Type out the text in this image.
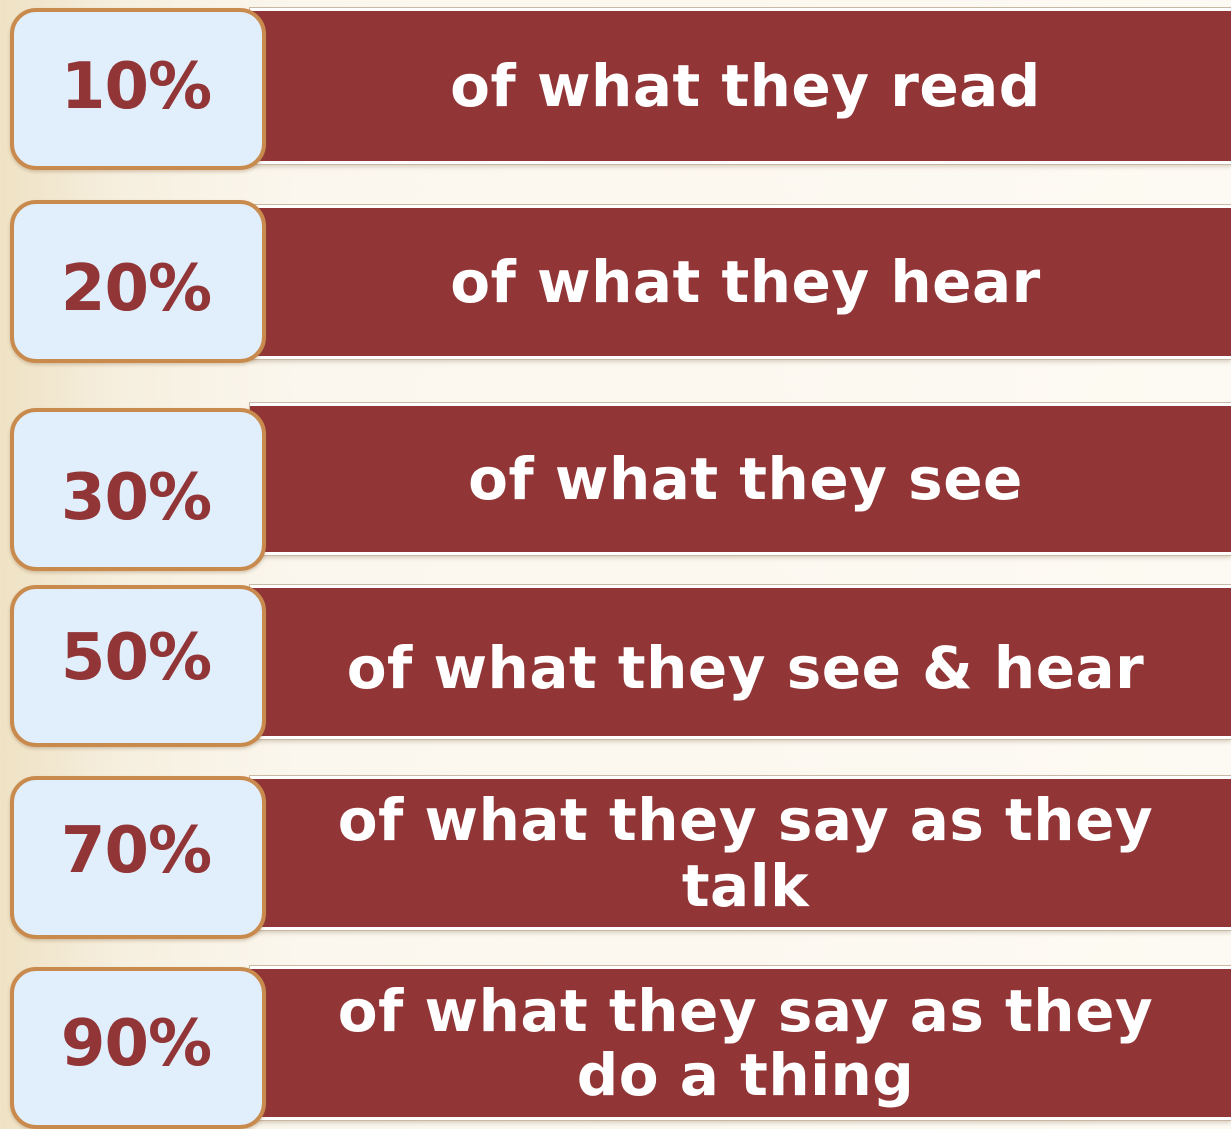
of what they read
10%
of what they hear
20%
of what they see
30%
of what they see & hear
50%
of what they say as they talk
70%
of what they say as they do a thing
90%
